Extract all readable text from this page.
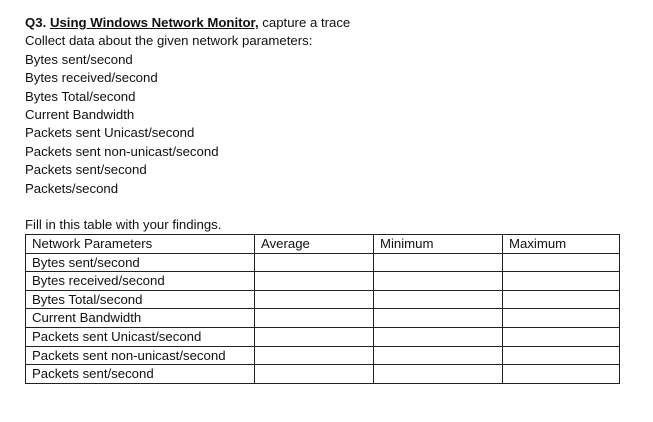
Q3. Using Windows Network Monitor, capture a trace
Collect data about the given network parameters:
Bytes sent/second
Bytes received/second
Bytes Total/second
Current Bandwidth
Packets sent Unicast/second
Packets sent non-unicast/second
Packets sent/second
Packets/second
Fill in this table with your findings.
Network Parameters	Average	Minimum	Maximum
Bytes sent/second			
Bytes received/second			
Bytes Total/second			
Current Bandwidth			
Packets sent Unicast/second			
Packets sent non-unicast/second			
Packets sent/second			
